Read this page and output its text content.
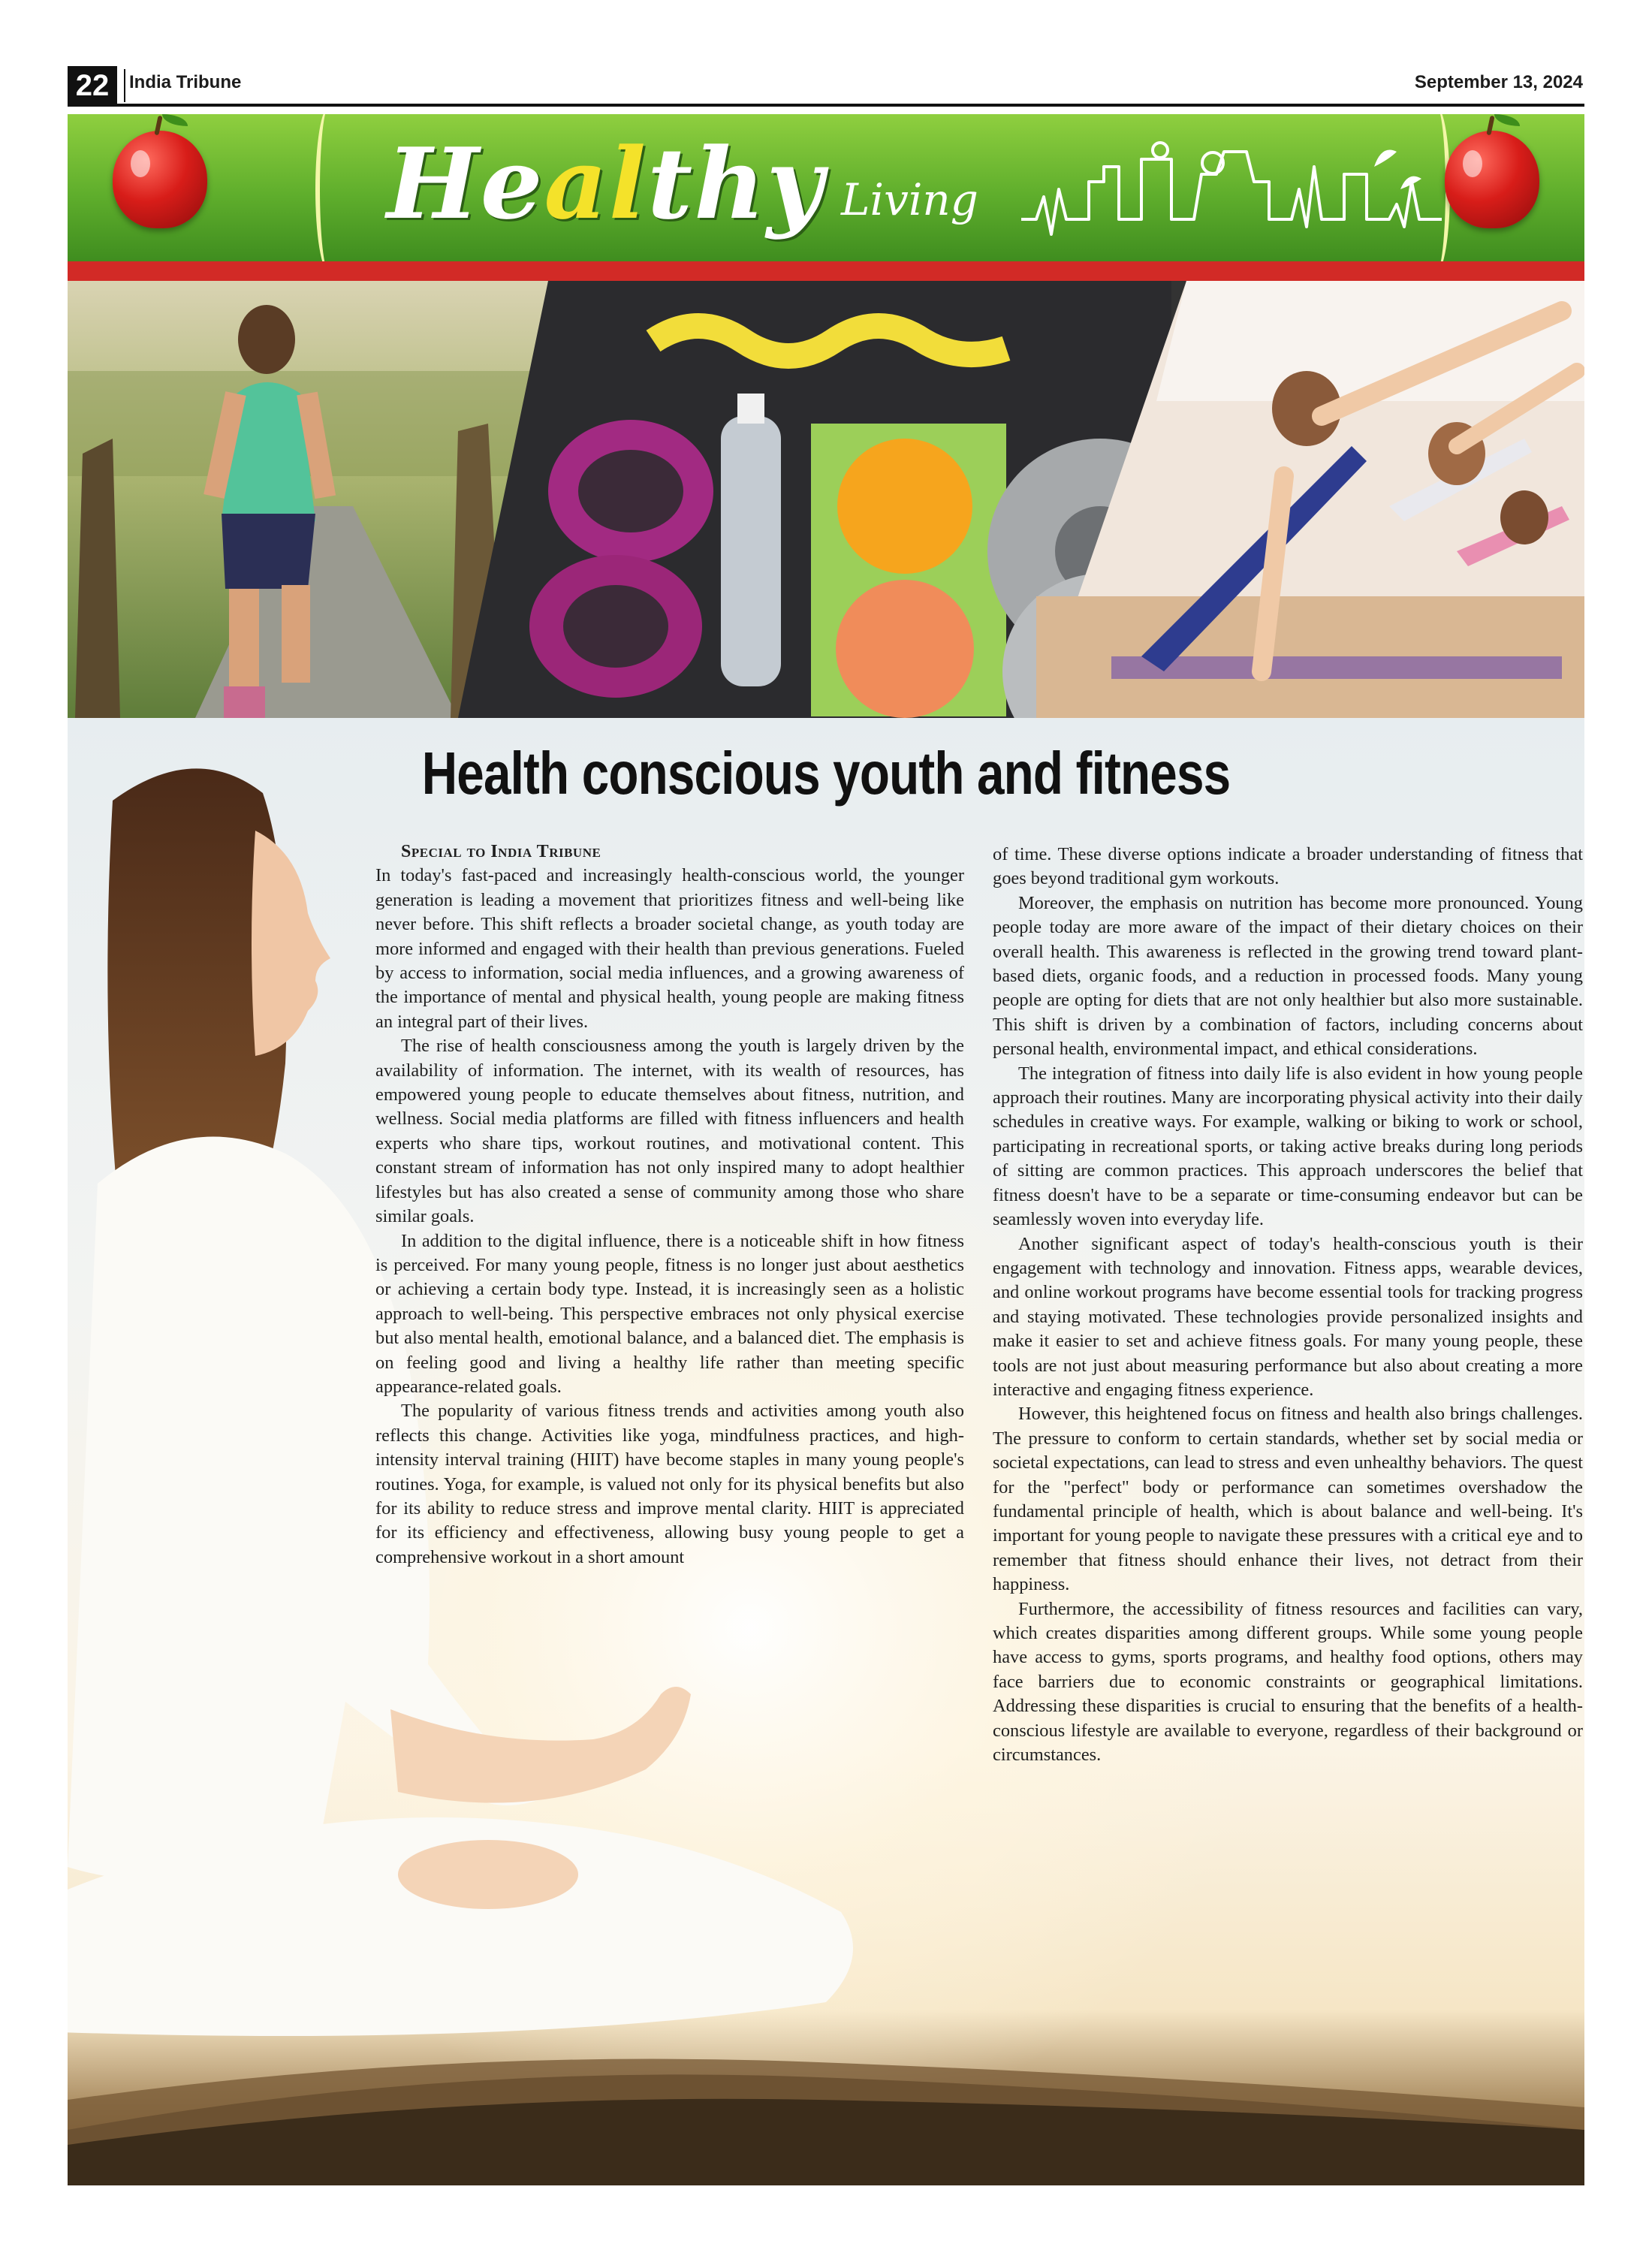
22	India Tribune	September 13, 2024
Healthy Living
Health conscious youth and fitness

Special to India Tribune

In today's fast-paced and increasingly health-conscious world, the younger generation is leading a movement that prioritizes fitness and well-being like never before. This shift reflects a broader societal change, as youth today are more informed and engaged with their health than previous generations. Fueled by access to information, social media influences, and a growing awareness of the importance of mental and physical health, young people are making fitness an integral part of their lives.

The rise of health consciousness among the youth is largely driven by the availability of information. The internet, with its wealth of resources, has empowered young people to educate themselves about fitness, nutrition, and wellness. Social media platforms are filled with fitness influencers and health experts who share tips, workout routines, and motivational content. This constant stream of information has not only inspired many to adopt healthier lifestyles but has also created a sense of community among those who share similar goals.

In addition to the digital influence, there is a noticeable shift in how fitness is perceived. For many young people, fitness is no longer just about aesthetics or achieving a certain body type. Instead, it is increasingly seen as a holistic approach to well-being. This perspective embraces not only physical exercise but also mental health, emotional balance, and a balanced diet. The emphasis is on feeling good and living a healthy life rather than meeting specific appearance-related goals.

The popularity of various fitness trends and activities among youth also reflects this change. Activities like yoga, mindfulness practices, and high-intensity interval training (HIIT) have become staples in many young people's routines. Yoga, for example, is valued not only for its physical benefits but also for its ability to reduce stress and improve mental clarity. HIIT is appreciated for its efficiency and effectiveness, allowing busy young people to get a comprehensive workout in a short amount

of time. These diverse options indicate a broader understanding of fitness that goes beyond traditional gym workouts.

Moreover, the emphasis on nutrition has become more pronounced. Young people today are more aware of the impact of their dietary choices on their overall health. This awareness is reflected in the growing trend toward plant-based diets, organic foods, and a reduction in processed foods. Many young people are opting for diets that are not only healthier but also more sustainable. This shift is driven by a combination of factors, including concerns about personal health, environmental impact, and ethical considerations.

The integration of fitness into daily life is also evident in how young people approach their routines. Many are incorporating physical activity into their daily schedules in creative ways. For example, walking or biking to work or school, participating in recreational sports, or taking active breaks during long periods of sitting are common practices. This approach underscores the belief that fitness doesn't have to be a separate or time-consuming endeavor but can be seamlessly woven into everyday life.

Another significant aspect of today's health-conscious youth is their engagement with technology and innovation. Fitness apps, wearable devices, and online workout programs have become essential tools for tracking progress and staying motivated. These technologies provide personalized insights and make it easier to set and achieve fitness goals. For many young people, these tools are not just about measuring performance but also about creating a more interactive and engaging fitness experience.

However, this heightened focus on fitness and health also brings challenges. The pressure to conform to certain standards, whether set by social media or societal expectations, can lead to stress and even unhealthy behaviors. The quest for the "perfect" body or performance can sometimes overshadow the fundamental principle of health, which is about balance and well-being. It's important for young people to navigate these pressures with a critical eye and to remember that fitness should enhance their lives, not detract from their happiness.

Furthermore, the accessibility of fitness resources and facilities can vary, which creates disparities among different groups. While some young people have access to gyms, sports programs, and healthy food options, others may face barriers due to economic constraints or geographical limitations. Addressing these disparities is crucial to ensuring that the benefits of a health-conscious lifestyle are available to everyone, regardless of their background or circumstances.
